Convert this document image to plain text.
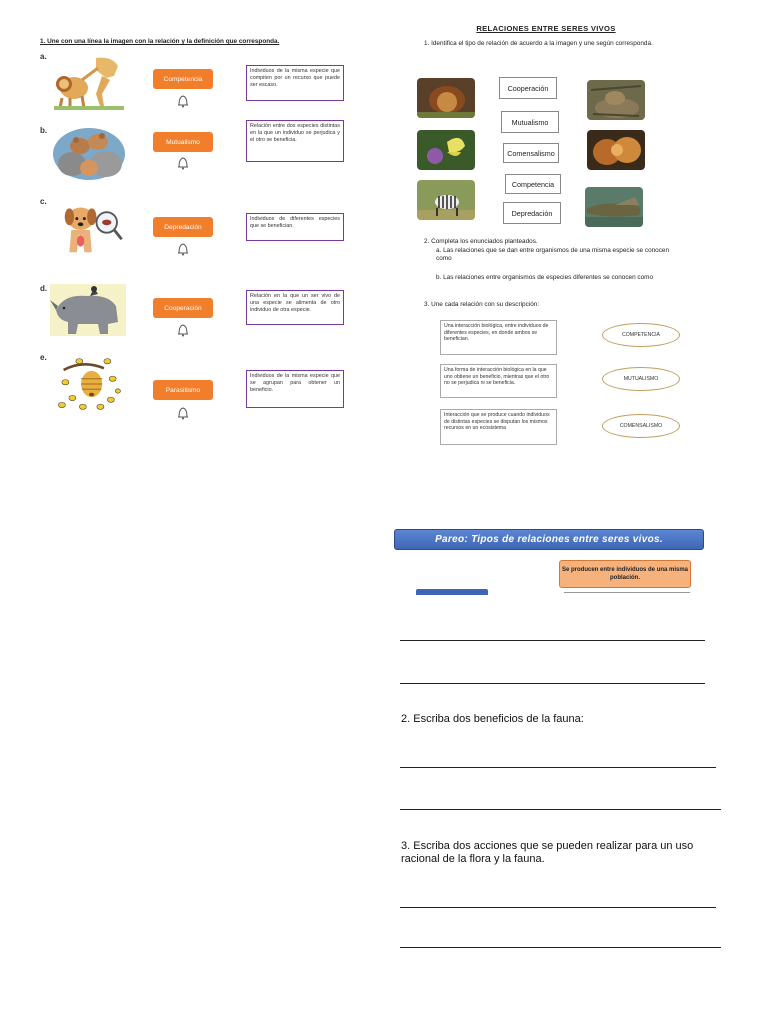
1. Une con una línea la imagen con la relación y la definición que corresponda.
a.
Competencia
Individuos de la misma especie que compiten por un recurso que puede ser escaso.
b.
Mutualismo
Relación entre dos especies distintas en la que un individuo se perjudica y el otro se beneficia.
c.
Depredación
Individuos de diferentes especies que se benefician.
d.
Cooperación
Relación en la que un ser vivo de una especie se alimenta de otro individuo de otra especie.
e.
Parasitismo
Individuos de la misma especie que se agrupan para obtener un beneficio.
RELACIONES ENTRE SERES VIVOS
1. Identifica el tipo de relación de acuerdo a la imagen y une según corresponda.
Cooperación
Mutualismo
Comensalismo
Competencia
Depredación
2. Completa los enunciados planteados.
a. Las relaciones que se dan entre organismos de una misma especie se conocen como
b. Las relaciones entre organismos de especies diferentes se conocen como
3. Une cada relación con su descripción:
Una interacción biológica, entre individuos de diferentes especies, en donde ambos se benefician.
Una forma de interacción biológica en la que uno obtiene un beneficio, mientras que el otro no se perjudica ni se beneficia.
Interacción que se produce cuando individuos de distintas especies se disputan los mismos recursos en un ecosistema
COMPETENCIA
MUTUALISMO
COMENSALISMO
Pareo: Tipos de relaciones entre seres vivos.
Se producen entre individuos de una misma población.
2. Escriba dos beneficios de la fauna:
3. Escriba dos acciones que se pueden realizar para un uso racional de la flora y la fauna.
